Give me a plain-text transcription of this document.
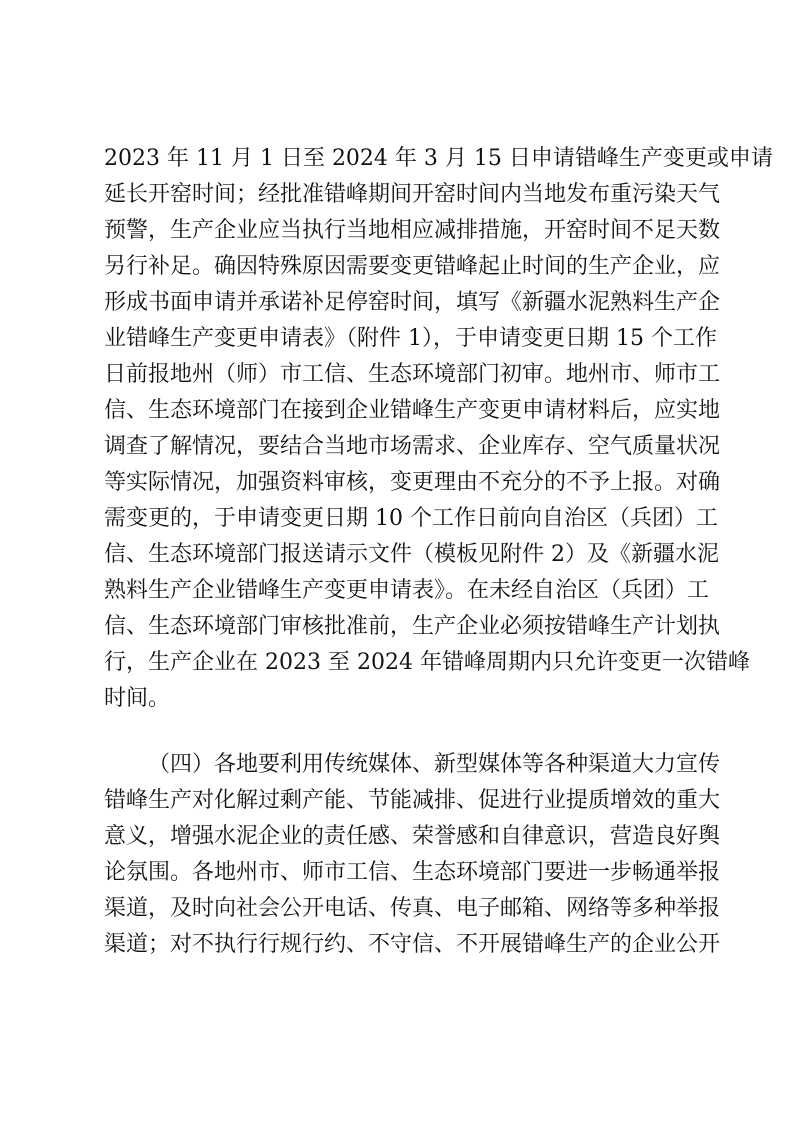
2023 年 11 月 1 日至 2024 年 3 月 15 日申请错峰生产变更或申请
延长开窑时间；经批准错峰期间开窑时间内当地发布重污染天气
预警，生产企业应当执行当地相应减排措施，开窑时间不足天数
另行补足。确因特殊原因需要变更错峰起止时间的生产企业，应
形成书面申请并承诺补足停窑时间，填写《新疆水泥熟料生产企
业错峰生产变更申请表》（附件 1），于申请变更日期 15 个工作
日前报地州（师）市工信、生态环境部门初审。地州市、师市工
信、生态环境部门在接到企业错峰生产变更申请材料后，应实地
调查了解情况，要结合当地市场需求、企业库存、空气质量状况
等实际情况，加强资料审核，变更理由不充分的不予上报。对确
需变更的，于申请变更日期 10 个工作日前向自治区（兵团）工
信、生态环境部门报送请示文件（模板见附件 2）及《新疆水泥
熟料生产企业错峰生产变更申请表》。在未经自治区（兵团）工
信、生态环境部门审核批准前，生产企业必须按错峰生产计划执
行，生产企业在 2023 至 2024 年错峰周期内只允许变更一次错峰
时间。
（四）各地要利用传统媒体、新型媒体等各种渠道大力宣传
错峰生产对化解过剩产能、节能减排、促进行业提质增效的重大
意义，增强水泥企业的责任感、荣誉感和自律意识，营造良好舆
论氛围。各地州市、师市工信、生态环境部门要进一步畅通举报
渠道，及时向社会公开电话、传真、电子邮箱、网络等多种举报
渠道；对不执行行规行约、不守信、不开展错峰生产的企业公开
